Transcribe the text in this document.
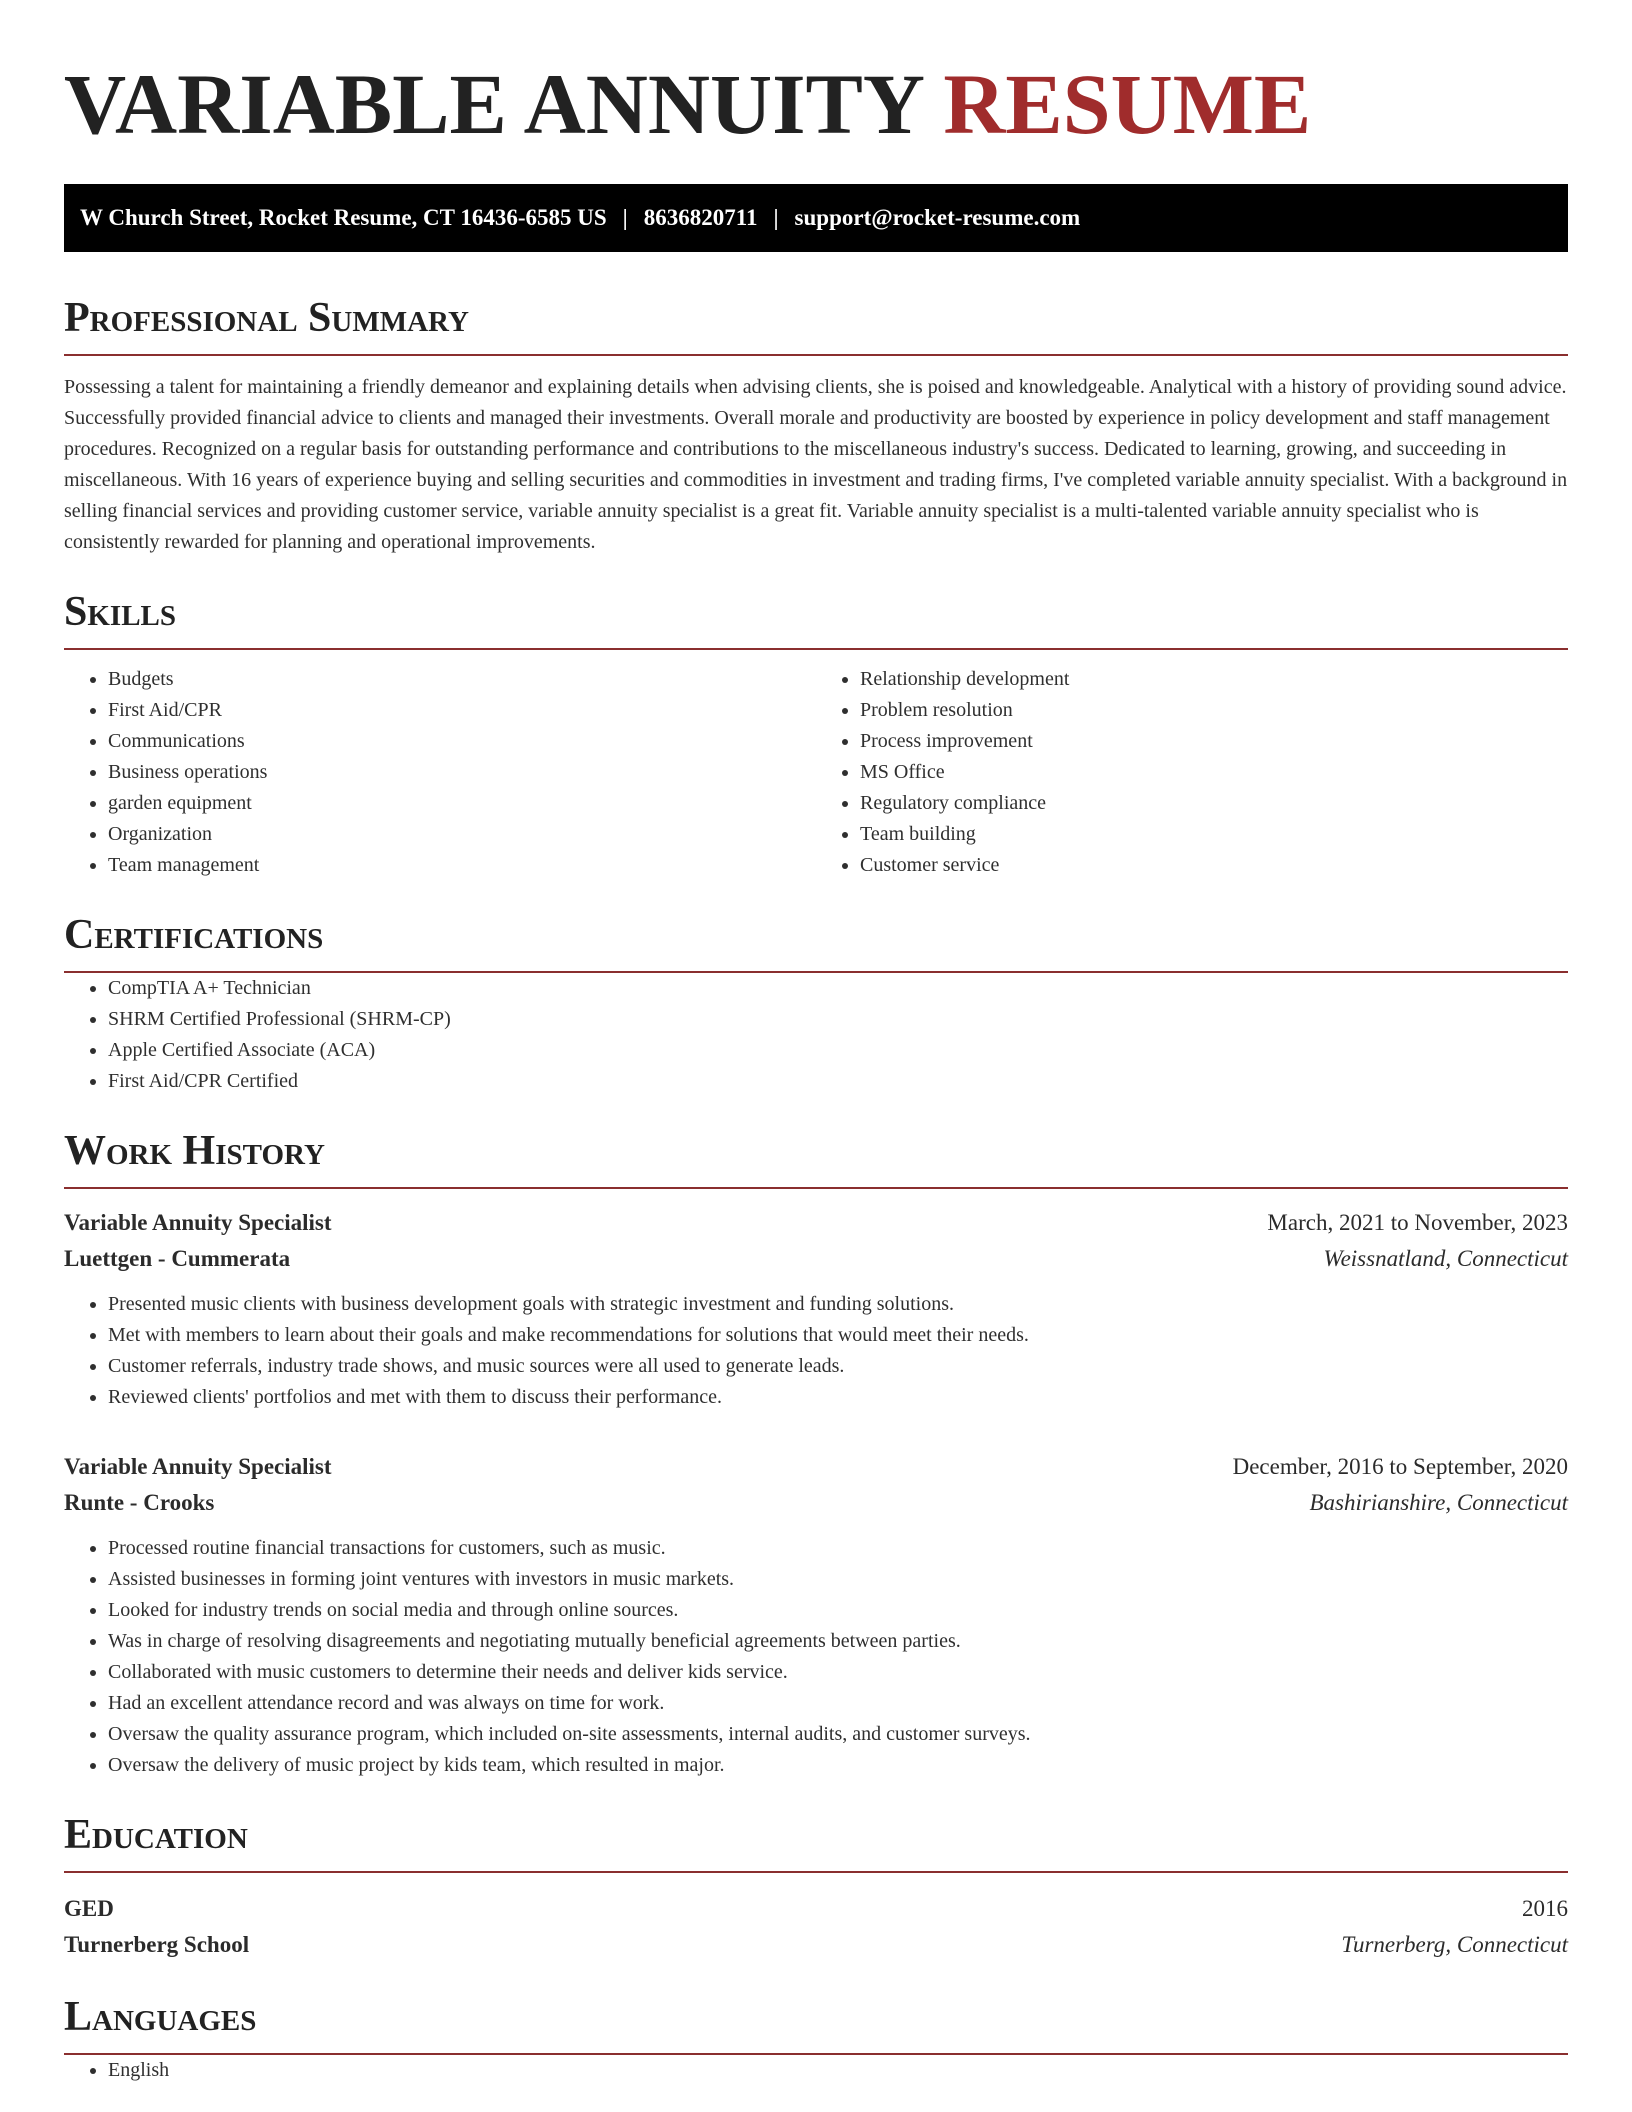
VARIABLE ANNUITY RESUME
W Church Street, Rocket Resume, CT 16436-6585 US | 8636820711 | support@rocket-resume.com
Professional Summary

Possessing a talent for maintaining a friendly demeanor and explaining details when advising clients, she is poised and knowledgeable. Analytical with a history of providing sound advice. Successfully provided financial advice to clients and managed their investments. Overall morale and productivity are boosted by experience in policy development and staff management procedures. Recognized on a regular basis for outstanding performance and contributions to the miscellaneous industry's success. Dedicated to learning, growing, and succeeding in miscellaneous. With 16 years of experience buying and selling securities and commodities in investment and trading firms, I've completed variable annuity specialist. With a background in selling financial services and providing customer service, variable annuity specialist is a great fit. Variable annuity specialist is a multi-talented variable annuity specialist who is consistently rewarded for planning and operational improvements.

Skills
• Budgets
• First Aid/CPR
• Communications
• Business operations
• garden equipment
• Organization
• Team management
• Relationship development
• Problem resolution
• Process improvement
• MS Office
• Regulatory compliance
• Team building
• Customer service
Certifications
• CompTIA A+ Technician
• SHRM Certified Professional (SHRM-CP)
• Apple Certified Associate (ACA)
• First Aid/CPR Certified
Work History
Variable Annuity Specialist	March, 2021 to November, 2023
Luettgen - Cummerata	Weissnatland, Connecticut
• Presented music clients with business development goals with strategic investment and funding solutions.
• Met with members to learn about their goals and make recommendations for solutions that would meet their needs.
• Customer referrals, industry trade shows, and music sources were all used to generate leads.
• Reviewed clients' portfolios and met with them to discuss their performance.
Variable Annuity Specialist	December, 2016 to September, 2020
Runte - Crooks	Bashirianshire, Connecticut
• Processed routine financial transactions for customers, such as music.
• Assisted businesses in forming joint ventures with investors in music markets.
• Looked for industry trends on social media and through online sources.
• Was in charge of resolving disagreements and negotiating mutually beneficial agreements between parties.
• Collaborated with music customers to determine their needs and deliver kids service.
• Had an excellent attendance record and was always on time for work.
• Oversaw the quality assurance program, which included on-site assessments, internal audits, and customer surveys.
• Oversaw the delivery of music project by kids team, which resulted in major.
Education
GED	2016
Turnerberg School	Turnerberg, Connecticut
Languages
• English
